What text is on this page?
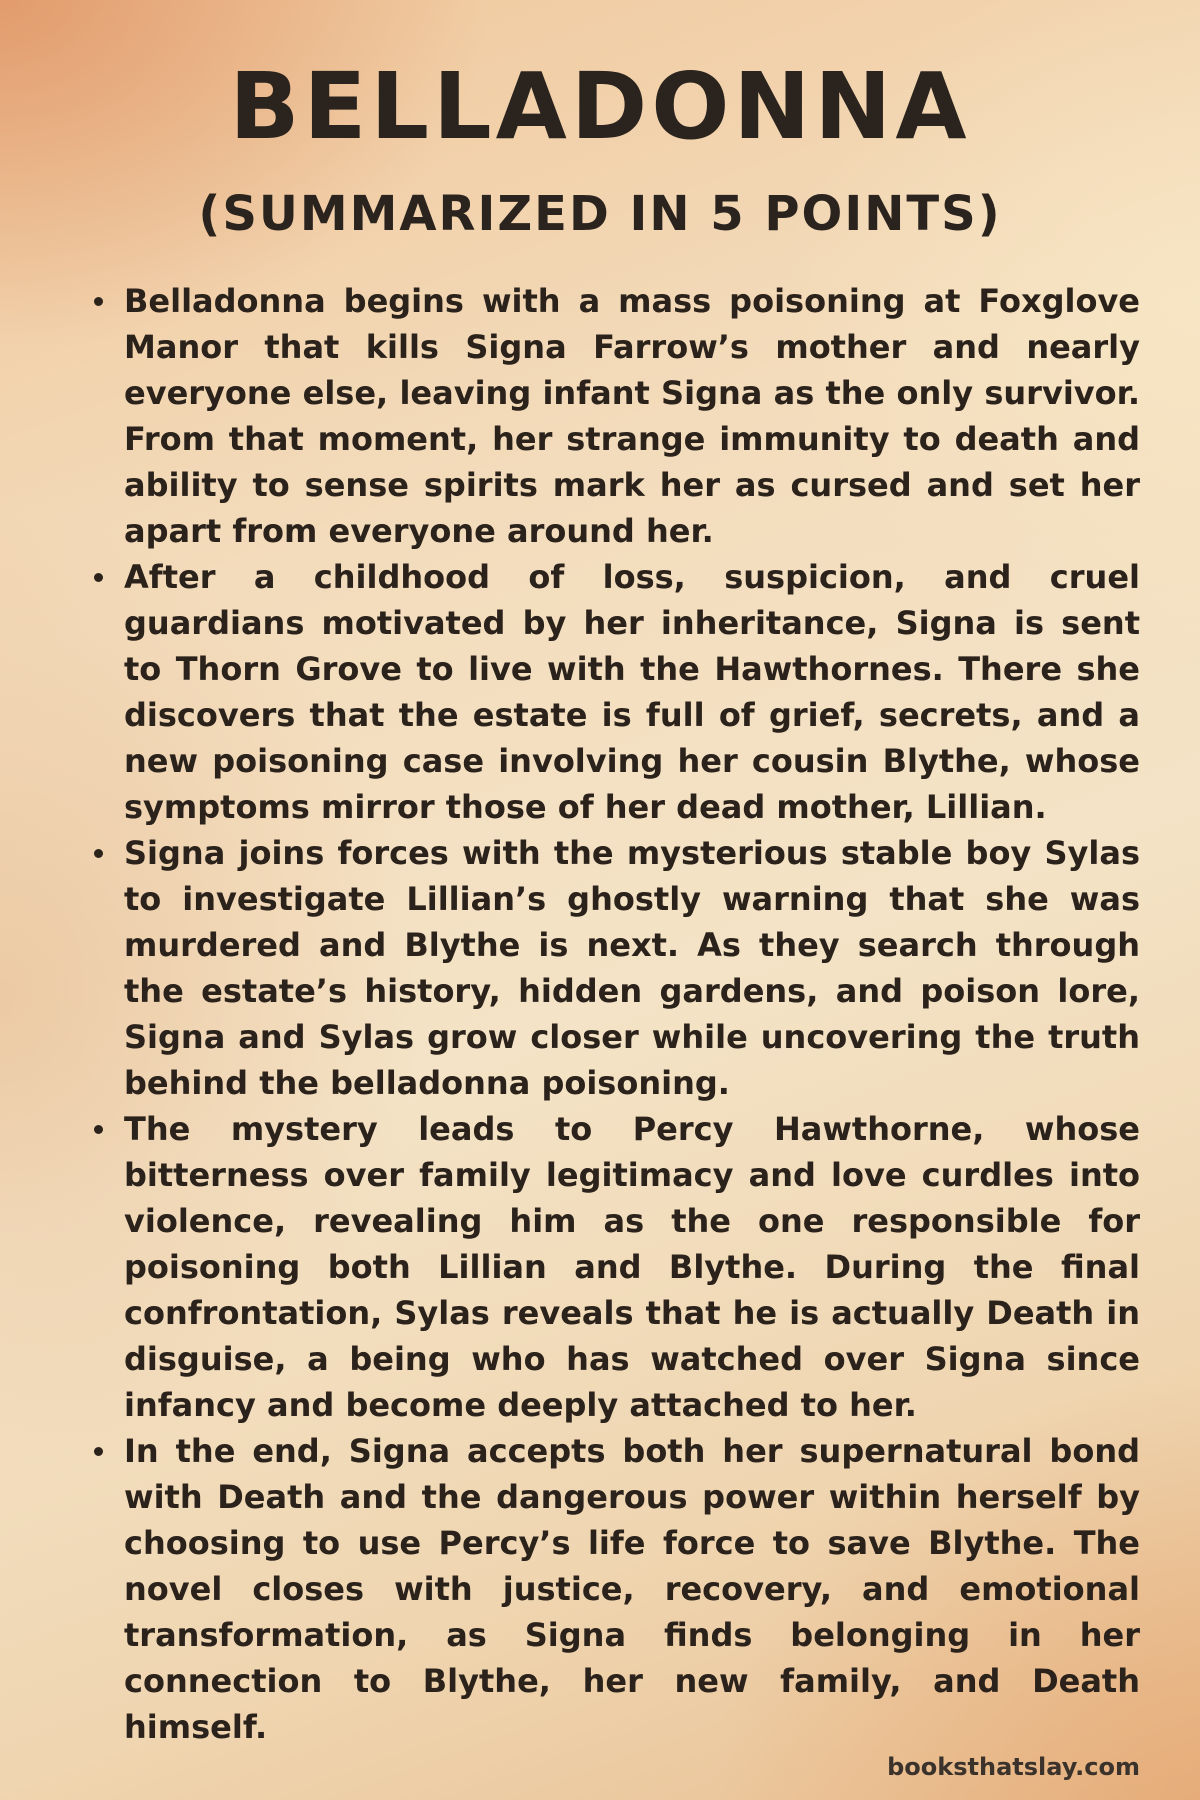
BELLADONNA
(SUMMARIZED IN 5 POINTS)
Belladonna begins with a mass poisoning at Foxglove Manor that kills Signa Farrow’s mother and nearly everyone else, leaving infant Signa as the only survivor. From that moment, her strange immunity to death and ability to sense spirits mark her as cursed and set her apart from everyone around her.
After a childhood of loss, suspicion, and cruel guardians motivated by her inheritance, Signa is sent to Thorn Grove to live with the Hawthornes. There she discovers that the estate is full of grief, secrets, and a new poisoning case involving her cousin Blythe, whose symptoms mirror those of her dead mother, Lillian.
Signa joins forces with the mysterious stable boy Sylas to investigate Lillian’s ghostly warning that she was murdered and Blythe is next. As they search through the estate’s history, hidden gardens, and poison lore, Signa and Sylas grow closer while uncovering the truth behind the belladonna poisoning.
The mystery leads to Percy Hawthorne, whose bitterness over family legitimacy and love curdles into violence, revealing him as the one responsible for poisoning both Lillian and Blythe. During the final confrontation, Sylas reveals that he is actually Death in disguise, a being who has watched over Signa since infancy and become deeply attached to her.
In the end, Signa accepts both her supernatural bond with Death and the dangerous power within herself by choosing to use Percy’s life force to save Blythe. The novel closes with justice, recovery, and emotional transformation, as Signa finds belonging in her connection to Blythe, her new family, and Death himself.
booksthatslay.com
